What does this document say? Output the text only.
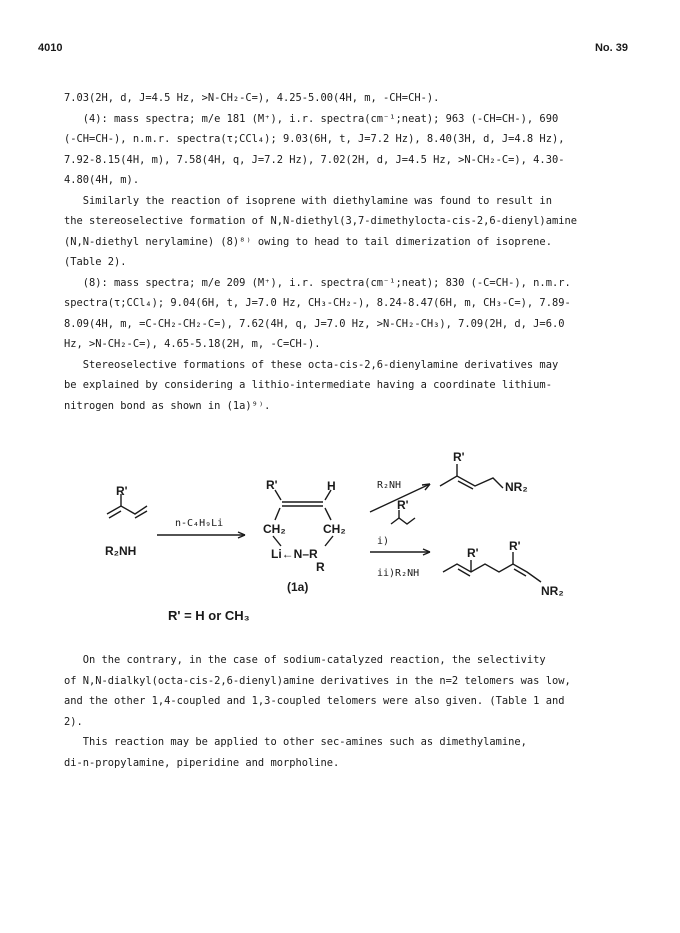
4010	No. 39
7.03(2H, d, J=4.5 Hz, >N-CH₂-C=), 4.25-5.00(4H, m, -CH=CH-).
(4): mass spectra; m/e 181 (M⁺), i.r. spectra(cm⁻¹;neat); 963 (-CH=CH-), 690
(-CH=CH-), n.m.r. spectra(τ;CCl₄); 9.03(6H, t, J=7.2 Hz), 8.40(3H, d, J=4.8 Hz),
7.92-8.15(4H, m), 7.58(4H, q, J=7.2 Hz), 7.02(2H, d, J=4.5 Hz, >N-CH₂-C=), 4.30-
4.80(4H, m).
Similarly the reaction of isoprene with diethylamine was found to result in
the stereoselective formation of N,N-diethyl(3,7-dimethylocta-cis-2,6-dienyl)amine
(N,N-diethyl nerylamine) (8)⁸⁾ owing to head to tail dimerization of isoprene.
(Table 2).
(8): mass spectra; m/e 209 (M⁺), i.r. spectra(cm⁻¹;neat); 830 (-C=CH-), n.m.r.
spectra(τ;CCl₄); 9.04(6H, t, J=7.0 Hz, CH₃-CH₂-), 8.24-8.47(6H, m, CH₃-C=), 7.89-
8.09(4H, m, =C-CH₂-CH₂-C=), 7.62(4H, q, J=7.0 Hz, >N-CH₂-CH₃), 7.09(2H, d, J=6.0
Hz, >N-CH₂-C=), 4.65-5.18(2H, m, -C=CH-).
Stereoselective formations of these octa-cis-2,6-dienylamine derivatives may
be explained by considering a lithio-intermediate having a coordinate lithium-
nitrogen bond as shown in (1a)⁹⁾.
R'
R₂NH
n-C₄H₉Li
R'	H
CH₂	CH₂
Li←N–R
R
(1a)
R₂NH
R'
NR₂
R'
i)
ii)R₂NH
R'	R'
NR₂
R' = H or CH₃
On the contrary, in the case of sodium-catalyzed reaction, the selectivity
of N,N-dialkyl(octa-cis-2,6-dienyl)amine derivatives in the n=2 telomers was low,
and the other 1,4-coupled and 1,3-coupled telomers were also given. (Table 1 and
2).
This reaction may be applied to other sec-amines such as dimethylamine,
di-n-propylamine, piperidine and morpholine.
